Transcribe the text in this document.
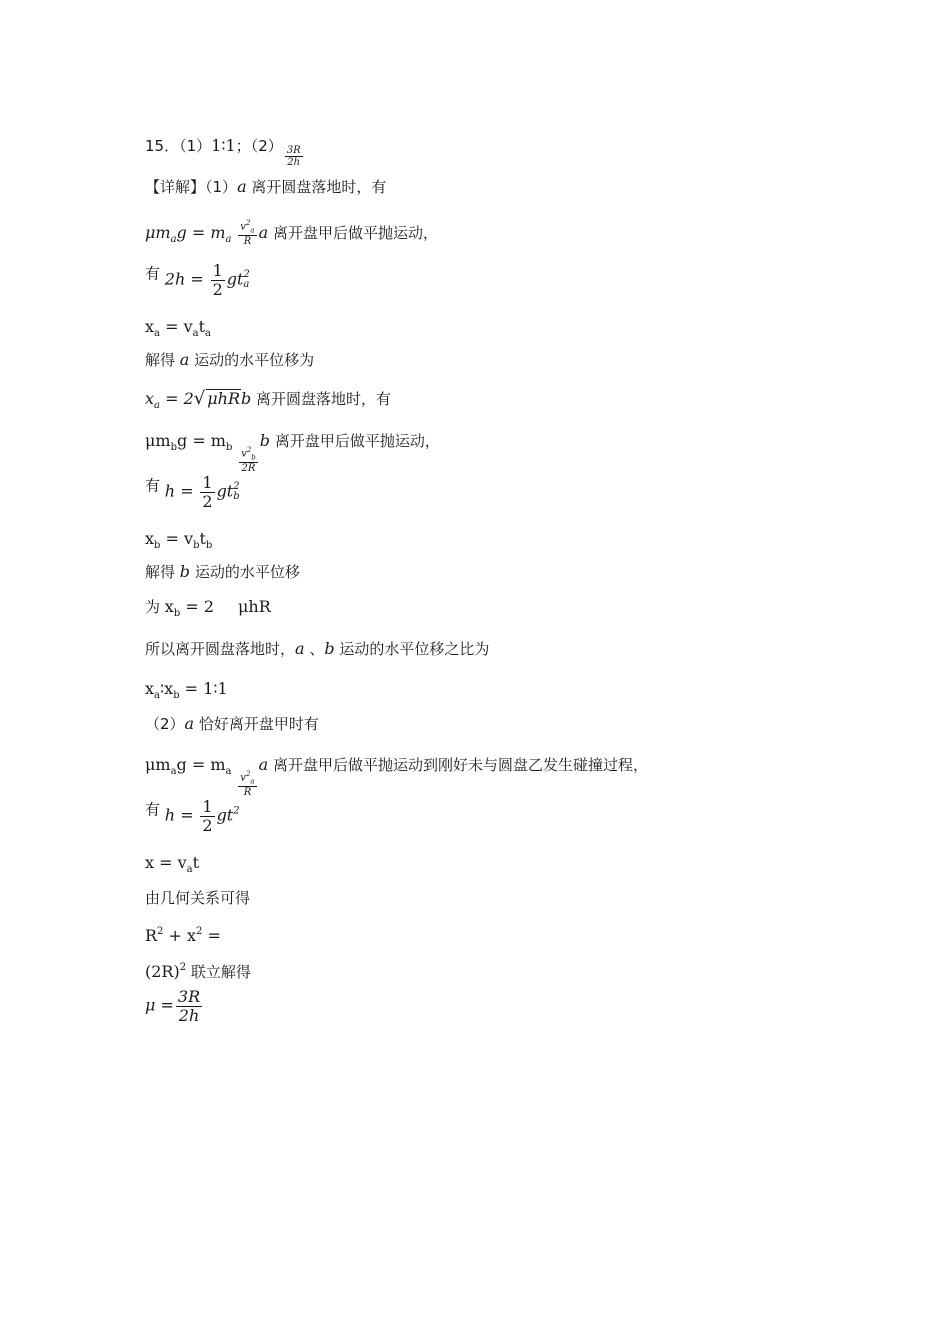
15．（1）1∶1；$(2) \frac{3R}{2h}$
【详解】（1）a 离开圆盘落地时，有
$\mu m_ag = m_a \frac{v^2_a}{R}$ a 离开盘甲后做平抛运动，
有 $2h = \frac{1}{2}$ gt 2
a
$x_a = v_at_a$
解得 a 运动的水平位移为
$x_a = 2√$ μhRb 离开圆盘落地时，有
$\mu m_bg = m_b \frac{v^2_b}{2R}$
b 离开盘甲后做平抛运动，
有 $h = \frac{1}{2}$ gt 2
b
$x_b = v_bt_b$
解得 b 运动的水平位移
为 $x_b = 2$ μhR
所以离开圆盘落地时，a 、b 运动的水平位移之比为
$x_a∶x_b$ = 1∶1
（2）a 恰好离开盘甲时有
$\mu m_ag = m_a \frac{v^2_a}{R}$
a 离开盘甲后做平抛运动到刚好未与圆盘乙发生碰撞过程，
有 $h = \frac{1}{2} gt^2$
$x = v_at$
由几何关系可得
$R^2 + x^2$ =
$(2R)^2$ 联立解得
$\mu = \frac{3R}{2h}$
